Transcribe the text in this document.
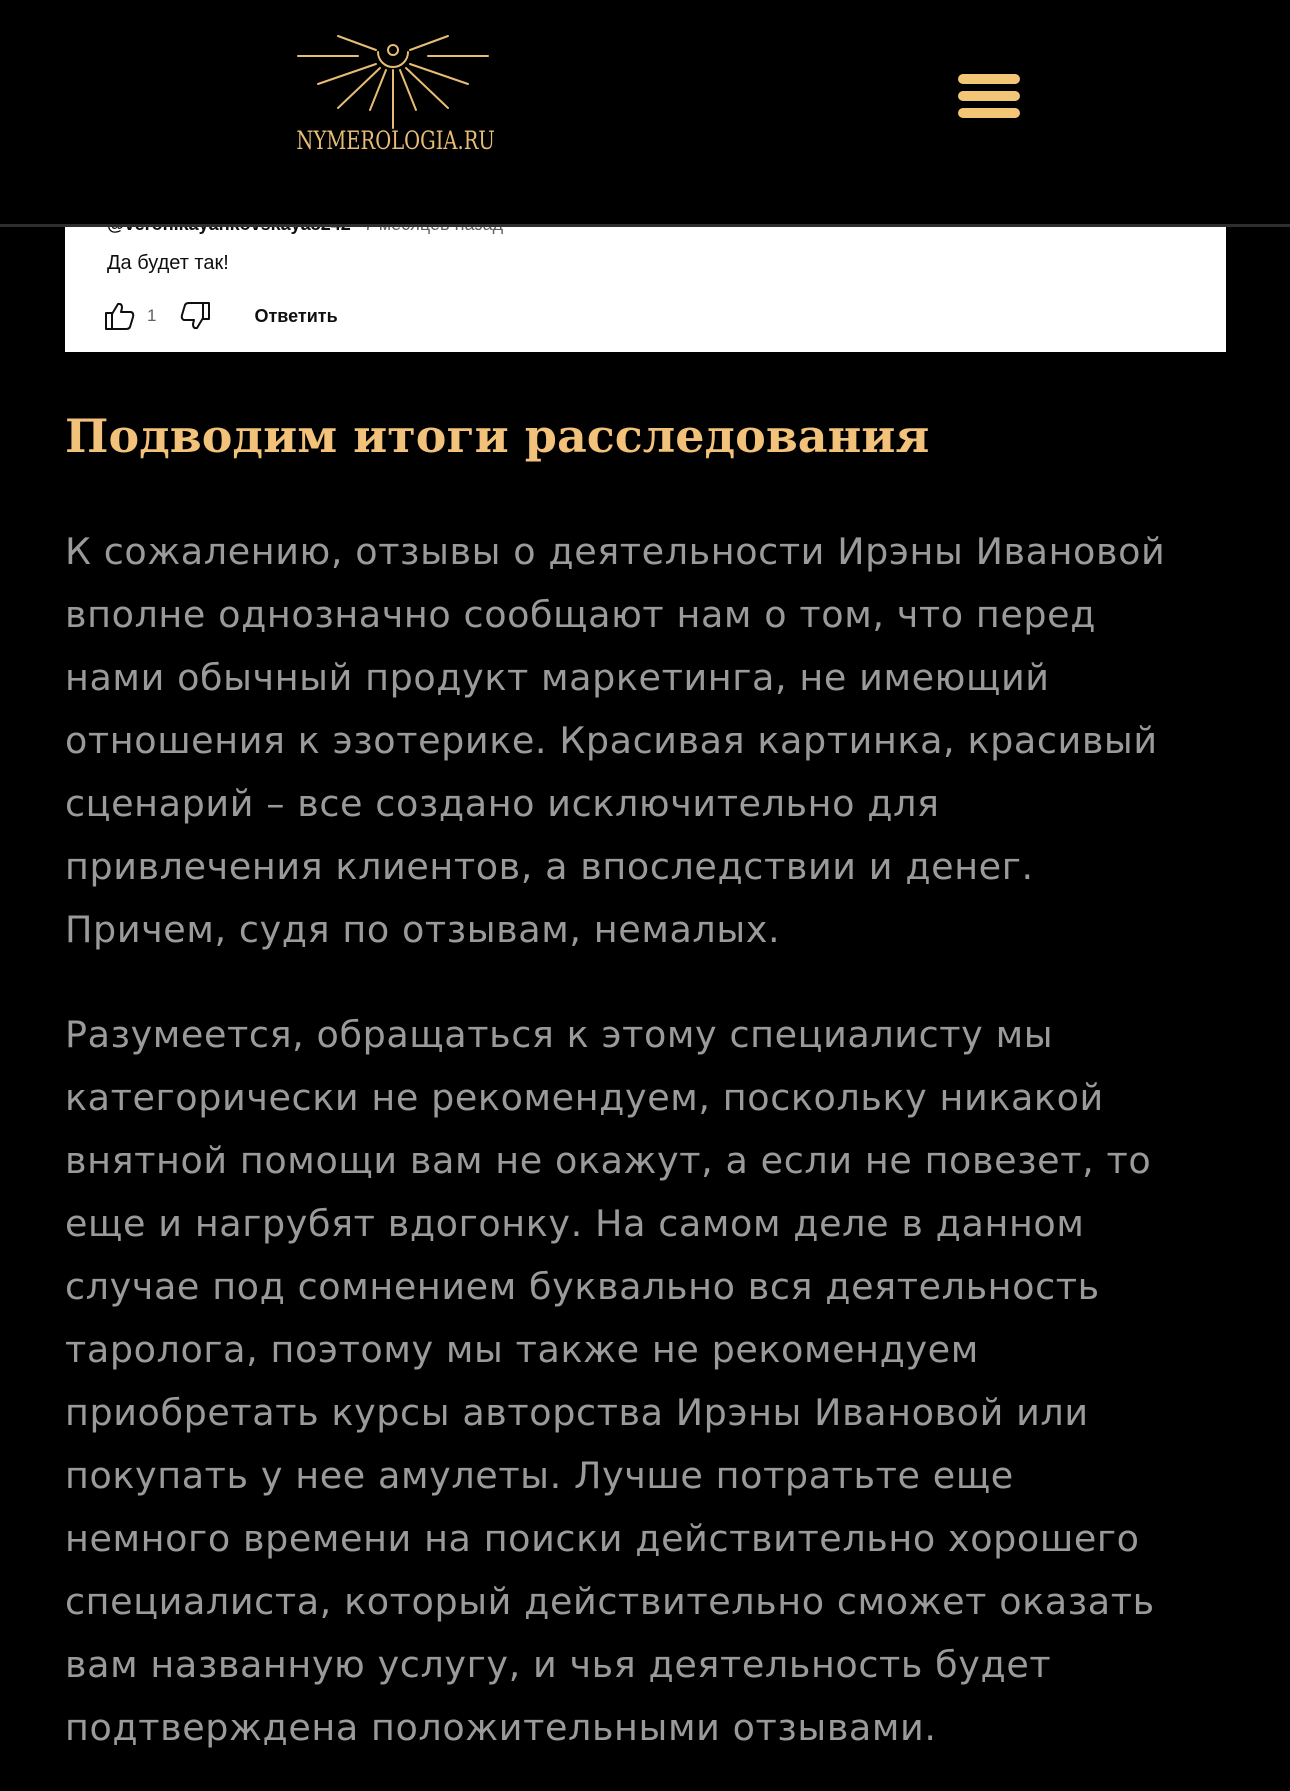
NYMEROLOGIA.RU
Да будет так!
1	Ответить
Подводим итоги расследования

К сожалению, отзывы о деятельности Ирэны Ивановой
вполне однозначно сообщают нам о том, что перед
нами обычный продукт маркетинга, не имеющий
отношения к эзотерике. Красивая картинка, красивый
сценарий – все создано исключительно для
привлечения клиентов, а впоследствии и денег.
Причем, судя по отзывам, немалых.

Разумеется, обращаться к этому специалисту мы
категорически не рекомендуем, поскольку никакой
внятной помощи вам не окажут, а если не повезет, то
еще и нагрубят вдогонку. На самом деле в данном
случае под сомнением буквально вся деятельность
таролога, поэтому мы также не рекомендуем
приобретать курсы авторства Ирэны Ивановой или
покупать у нее амулеты. Лучше потратьте еще
немного времени на поиски действительно хорошего
специалиста, который действительно сможет оказать
вам названную услугу, и чья деятельность будет
подтверждена положительными отзывами.
